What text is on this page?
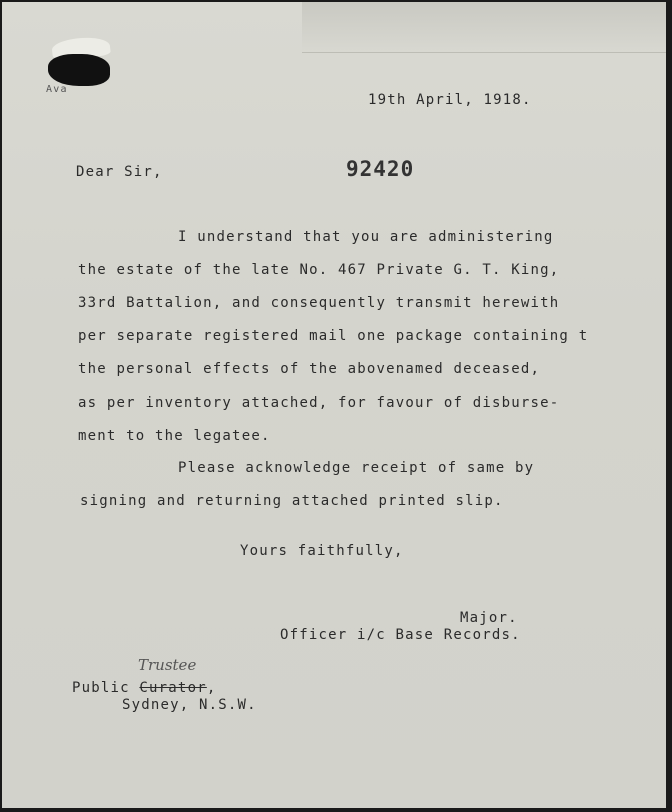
Ava
19th April, 1918.
Dear Sir,	92420
I understand that you are administering
the estate of the late No. 467 Private G. T. King,
33rd Battalion, and consequently transmit herewith
per separate registered mail one package containing t
the personal effects of the abovenamed deceased,
as per inventory attached, for favour of disburse-
ment to the legatee.
Please acknowledge receipt of same by
signing and returning attached printed slip.
Yours faithfully,
Major.
Officer i/c Base Records.
Trustee
Public Curator,
Sydney, N.S.W.
